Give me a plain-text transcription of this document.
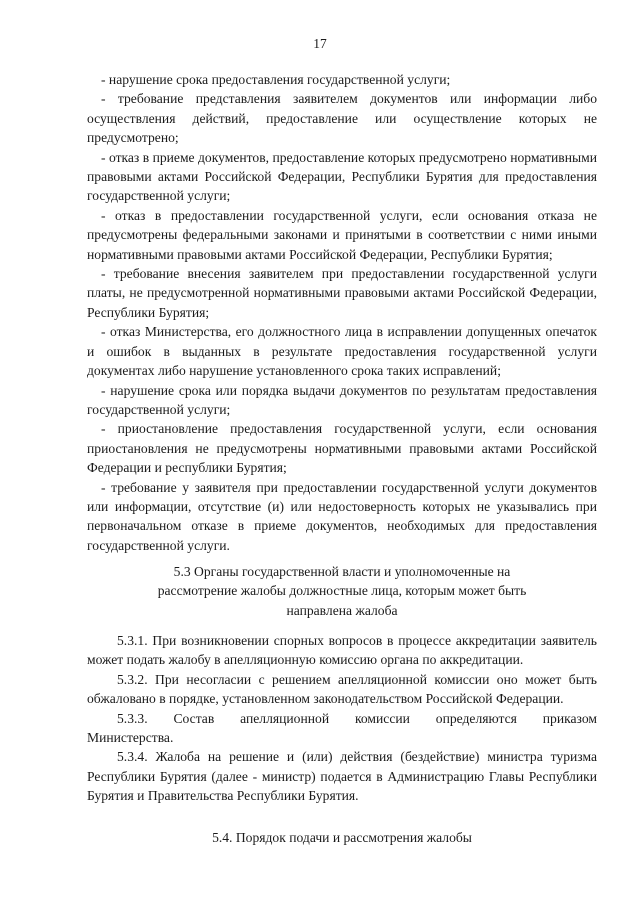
17

- нарушение срока предоставления государственной услуги;

- требование представления заявителем документов или информации либо осуществления действий, предоставление или осуществление которых не предусмотрено;

- отказ в приеме документов, предоставление которых предусмотрено нормативными правовыми актами Российской Федерации, Республики Бурятия для предоставления государственной услуги;

- отказ в предоставлении государственной услуги, если основания отказа не предусмотрены федеральными законами и принятыми в соответствии с ними иными нормативными правовыми актами Российской Федерации, Республики Бурятия;

- требование внесения заявителем при предоставлении государственной услуги платы, не предусмотренной нормативными правовыми актами Российской Федерации, Республики Бурятия;

- отказ Министерства, его должностного лица в исправлении допущенных опечаток и ошибок в выданных в результате предоставления государственной услуги документах либо нарушение установленного срока таких исправлений;

- нарушение срока или порядка выдачи документов по результатам предоставления государственной услуги;

- приостановление предоставления государственной услуги, если основания приостановления не предусмотрены нормативными правовыми актами Российской Федерации и республики Бурятия;

- требование у заявителя при предоставлении государственной услуги документов или информации, отсутствие (и) или недостоверность которых не указывались при первоначальном отказе в приеме документов, необходимых для предоставления государственной услуги.

5.3 Органы государственной власти и уполномоченные на
рассмотрение жалобы должностные лица, которым может быть
направлена жалоба

5.3.1. При возникновении спорных вопросов в процессе аккредитации заявитель может подать жалобу в апелляционную комиссию органа по аккредитации.

5.3.2. При несогласии с решением апелляционной комиссии оно может быть обжаловано в порядке, установленном законодательством Российской Федерации.

5.3.3. Состав апелляционной комиссии определяются приказом
Министерства.

5.3.4. Жалоба на решение и (или) действия (бездействие) министра туризма Республики Бурятия (далее - министр) подается в Администрацию Главы Республики Бурятия и Правительства Республики Бурятия.

5.4. Порядок подачи и рассмотрения жалобы
